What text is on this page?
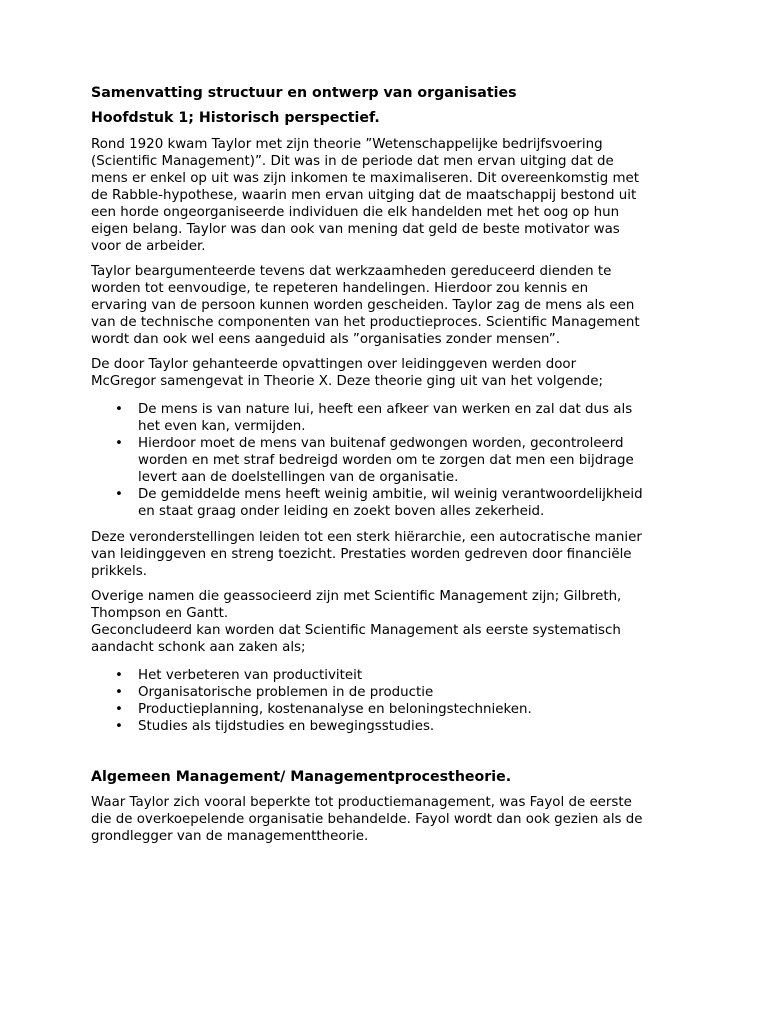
Samenvatting structuur en ontwerp van organisaties
Hoofdstuk 1; Historisch perspectief.

Rond 1920 kwam Taylor met zijn theorie ”Wetenschappelijke bedrijfsvoering
(Scientific Management)”. Dit was in de periode dat men ervan uitging dat de
mens er enkel op uit was zijn inkomen te maximaliseren. Dit overeenkomstig met
de Rabble-hypothese, waarin men ervan uitging dat de maatschappij bestond uit
een horde ongeorganiseerde individuen die elk handelden met het oog op hun
eigen belang. Taylor was dan ook van mening dat geld de beste motivator was
voor de arbeider.

Taylor beargumenteerde tevens dat werkzaamheden gereduceerd dienden te
worden tot eenvoudige, te repeteren handelingen. Hierdoor zou kennis en
ervaring van de persoon kunnen worden gescheiden. Taylor zag de mens als een
van de technische componenten van het productieproces. Scientific Management
wordt dan ook wel eens aangeduid als ”organisaties zonder mensen”.

De door Taylor gehanteerde opvattingen over leidinggeven werden door
McGregor samengevat in Theorie X. Deze theorie ging uit van het volgende;

• De mens is van nature lui, heeft een afkeer van werken en zal dat dus als
het even kan, vermijden.
• Hierdoor moet de mens van buitenaf gedwongen worden, gecontroleerd
worden en met straf bedreigd worden om te zorgen dat men een bijdrage
levert aan de doelstellingen van de organisatie.
• De gemiddelde mens heeft weinig ambitie, wil weinig verantwoordelijkheid
en staat graag onder leiding en zoekt boven alles zekerheid.

Deze veronderstellingen leiden tot een sterk hiërarchie, een autocratische manier
van leidinggeven en streng toezicht. Prestaties worden gedreven door financiële
prikkels.

Overige namen die geassocieerd zijn met Scientific Management zijn; Gilbreth,
Thompson en Gantt.
Geconcludeerd kan worden dat Scientific Management als eerste systematisch
aandacht schonk aan zaken als;

• Het verbeteren van productiviteit
• Organisatorische problemen in de productie
• Productieplanning, kostenanalyse en beloningstechnieken.
• Studies als tijdstudies en bewegingsstudies.
Algemeen Management/ Managementprocestheorie.

Waar Taylor zich vooral beperkte tot productiemanagement, was Fayol de eerste
die de overkoepelende organisatie behandelde. Fayol wordt dan ook gezien als de
grondlegger van de managementtheorie.
